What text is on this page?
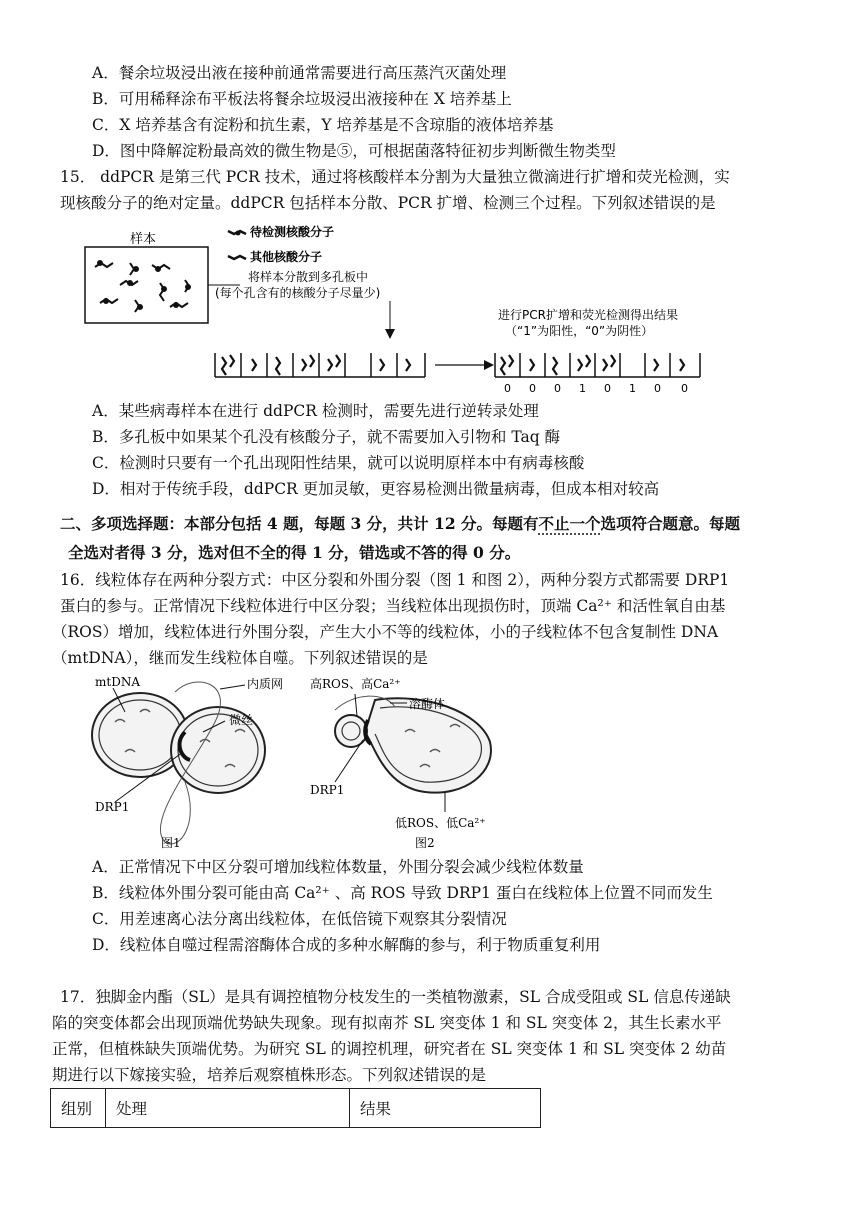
A．餐余垃圾浸出液在接种前通常需要进行高压蒸汽灭菌处理
B．可用稀释涂布平板法将餐余垃圾浸出液接种在 X 培养基上
C．X 培养基含有淀粉和抗生素，Y 培养基是不含琼脂的液体培养基
D．图中降解淀粉最高效的微生物是⑤，可根据菌落特征初步判断微生物类型
15． ddPCR 是第三代 PCR 技术，通过将核酸样本分割为大量独立微滴进行扩增和荧光检测，实
现核酸分子的绝对定量。ddPCR 包括样本分散、PCR 扩增、检测三个过程。下列叙述错误的是
样本	待检测核酸分子
其他核酸分子
将样本分散到多孔板中
(每个孔含有的核酸分子尽量少)
进行PCR扩增和荧光检测得出结果
（“1”为阳性，“0”为阴性）
0 0 0 1 0 1 0 0
A．某些病毒样本在进行 ddPCR 检测时，需要先进行逆转录处理
B．多孔板中如果某个孔没有核酸分子，就不需要加入引物和 Taq 酶
C．检测时只要有一个孔出现阳性结果，就可以说明原样本中有病毒核酸
D．相对于传统手段，ddPCR 更加灵敏，更容易检测出微量病毒，但成本相对较高
二、多项选择题：本部分包括 4 题，每题 3 分，共计 12 分。每题有不止一个选项符合题意。每题
全选对者得 3 分，选对但不全的得 1 分，错选或不答的得 0 分。
16．线粒体存在两种分裂方式：中区分裂和外围分裂（图 1 和图 2），两种分裂方式都需要 DRP1
蛋白的参与。正常情况下线粒体进行中区分裂；当线粒体出现损伤时，顶端 Ca²⁺ 和活性氧自由基
（ROS）增加，线粒体进行外围分裂，产生大小不等的线粒体，小的子线粒体不包含复制性 DNA
（mtDNA），继而发生线粒体自噬。下列叙述错误的是
mtDNA	内质网
微丝
DRP1
图1
高ROS、高Ca²⁺
溶酶体
DRP1
低ROS、低Ca²⁺
图2
A．正常情况下中区分裂可增加线粒体数量，外围分裂会减少线粒体数量
B．线粒体外围分裂可能由高 Ca²⁺ 、高 ROS 导致 DRP1 蛋白在线粒体上位置不同而发生
C．用差速离心法分离出线粒体，在低倍镜下观察其分裂情况
D．线粒体自噬过程需溶酶体合成的多种水解酶的参与，利于物质重复利用
17．独脚金内酯（SL）是具有调控植物分枝发生的一类植物激素，SL 合成受阻或 SL 信息传递缺
陷的突变体都会出现顶端优势缺失现象。现有拟南芥 SL 突变体 1 和 SL 突变体 2，其生长素水平
正常，但植株缺失顶端优势。为研究 SL 的调控机理，研究者在 SL 突变体 1 和 SL 突变体 2 幼苗
期进行以下嫁接实验，培养后观察植株形态。下列叙述错误的是
组别	处理	结果
